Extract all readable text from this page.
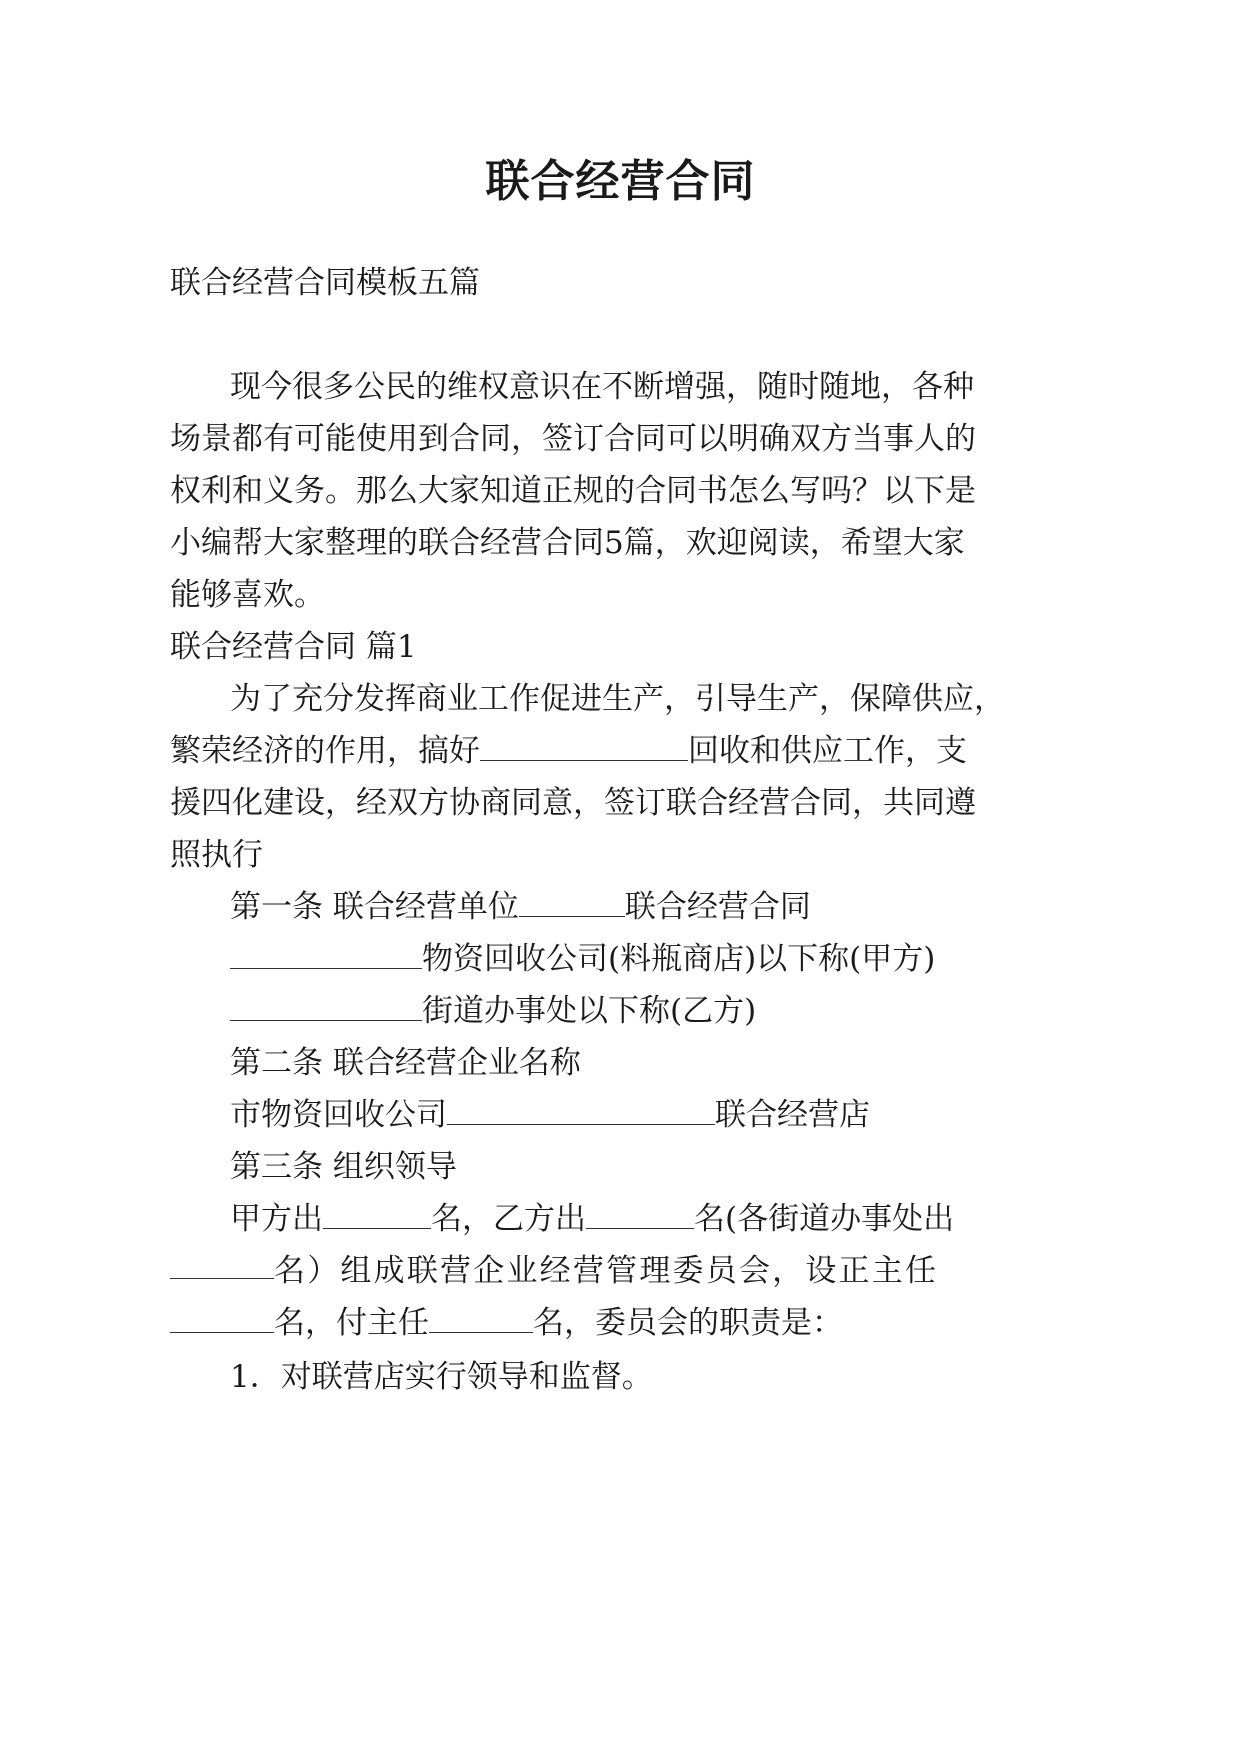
联合经营合同
联合经营合同模板五篇
现今很多公民的维权意识在不断增强，随时随地，各种
场景都有可能使用到合同，签订合同可以明确双方当事人的
权利和义务。那么大家知道正规的合同书怎么写吗？以下是
小编帮大家整理的联合经营合同5篇，欢迎阅读，希望大家
能够喜欢。
联合经营合同 篇1
为了充分发挥商业工作促进生产，引导生产，保障供应，
繁荣经济的作用，搞好	回收和供应工作，支
援四化建设，经双方协商同意，签订联合经营合同，共同遵
照执行
第一条 联合经营单位	联合经营合同
物资回收公司(料瓶商店)以下称(甲方)
街道办事处以下称(乙方)
第二条 联合经营企业名称
市物资回收公司	联合经营店
第三条 组织领导
甲方出	名，乙方出	名(各街道办事处出
名）组成联营企业经营管理委员会，设正主任
名，付主任	名，委员会的职责是：
1．对联营店实行领导和监督。
